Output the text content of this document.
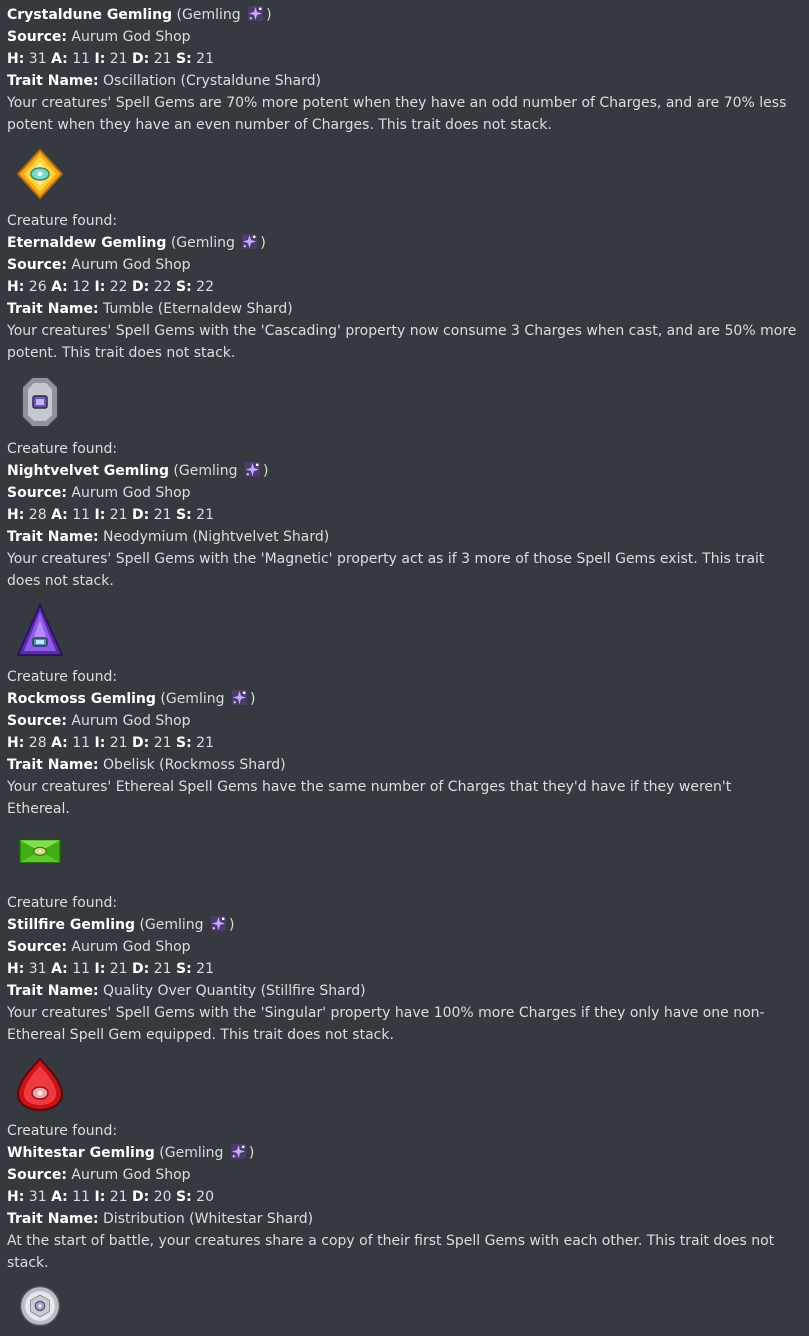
Crystaldune Gemling (Gemling )
Source: Aurum God Shop
H: 31 A: 11 I: 21 D: 21 S: 21
Trait Name: Oscillation (Crystaldune Shard)
Your creatures' Spell Gems are 70% more potent when they have an odd number of Charges, and are 70% less potent when they have an even number of Charges. This trait does not stack.
Creature found:
Eternaldew Gemling (Gemling )
Source: Aurum God Shop
H: 26 A: 12 I: 22 D: 22 S: 22
Trait Name: Tumble (Eternaldew Shard)
Your creatures' Spell Gems with the 'Cascading' property now consume 3 Charges when cast, and are 50% more potent. This trait does not stack.
Creature found:
Nightvelvet Gemling (Gemling )
Source: Aurum God Shop
H: 28 A: 11 I: 21 D: 21 S: 21
Trait Name: Neodymium (Nightvelvet Shard)
Your creatures' Spell Gems with the 'Magnetic' property act as if 3 more of those Spell Gems exist. This trait does not stack.
Creature found:
Rockmoss Gemling (Gemling )
Source: Aurum God Shop
H: 28 A: 11 I: 21 D: 21 S: 21
Trait Name: Obelisk (Rockmoss Shard)
Your creatures' Ethereal Spell Gems have the same number of Charges that they'd have if they weren't Ethereal.
Creature found:
Stillfire Gemling (Gemling )
Source: Aurum God Shop
H: 31 A: 11 I: 21 D: 21 S: 21
Trait Name: Quality Over Quantity (Stillfire Shard)
Your creatures' Spell Gems with the 'Singular' property have 100% more Charges if they only have one non-Ethereal Spell Gem equipped. This trait does not stack.
Creature found:
Whitestar Gemling (Gemling )
Source: Aurum God Shop
H: 31 A: 11 I: 21 D: 20 S: 20
Trait Name: Distribution (Whitestar Shard)
At the start of battle, your creatures share a copy of their first Spell Gems with each other. This trait does not stack.
